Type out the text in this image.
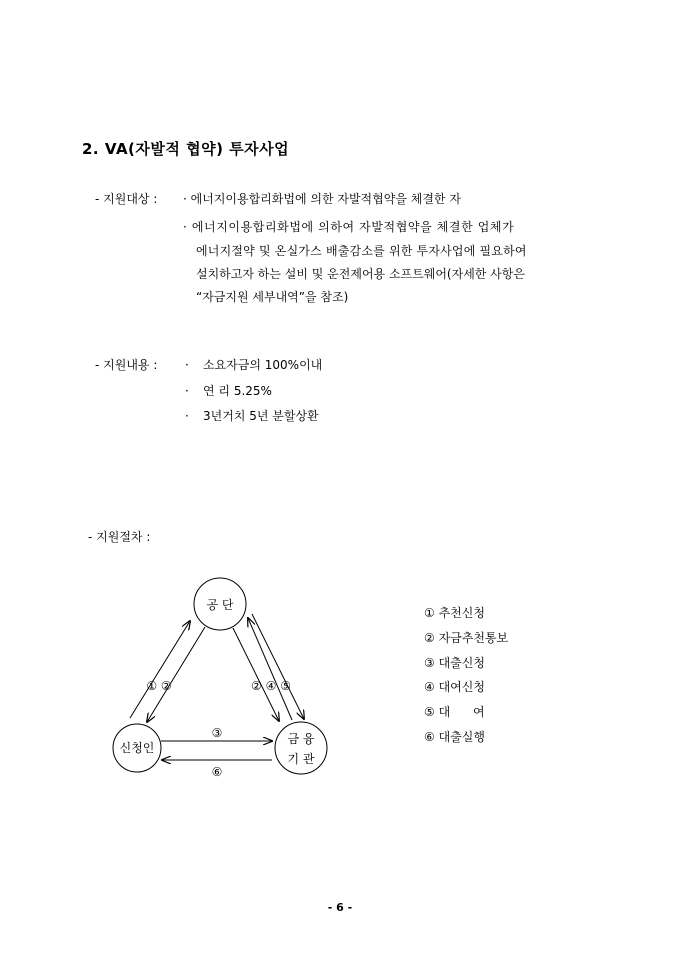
2. VA(자발적 협약) 투자사업
- 지원대상 : · 에너지이용합리화법에 의한 자발적협약을 체결한 자
· 에너지이용합리화법에 의하여 자발적협약을 체결한 업체가
에너지절약 및 온실가스 배출감소를 위한 투자사업에 필요하여
설치하고자 하는 설비 및 운전제어용 소프트웨어(자세한 사항은
“자금지원 세부내역”을 참조)
- 지원내용 : · 소요자금의 100%이내
· 연 리 5.25%
· 3년거치 5년 분할상환
- 지원절차 :
공 단
신청인
금 융
기 관
① ②	② ④ ⑤
③
⑥
① 추천신청
② 자금추천통보
③ 대출신청
④ 대여신청
⑤ 대      여
⑥ 대출실행
- 6 -
